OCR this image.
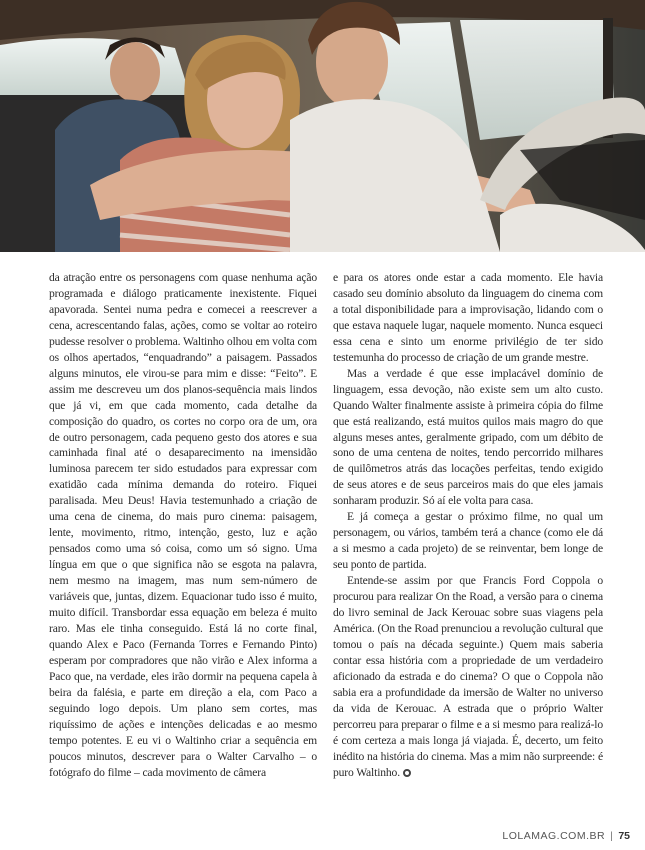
da atração entre os personagens com quase nenhuma ação programada e diálogo praticamente inexistente. Fiquei apavorada. Sentei numa pedra e comecei a reescrever a cena, acrescentando falas, ações, como se voltar ao roteiro pudesse resolver o problema. Waltinho olhou em volta com os olhos apertados, “enquadrando” a paisagem. Passados alguns minutos, ele virou-se para mim e disse: “Feito”. E assim me descreveu um dos planos-sequência mais lindos que já vi, em que cada momento, cada detalhe da composição do quadro, os cortes no corpo ora de um, ora de outro personagem, cada pequeno gesto dos atores e sua caminhada final até o desaparecimento na imensidão luminosa parecem ter sido estudados para expressar com exatidão cada mínima demanda do roteiro. Fiquei paralisada. Meu Deus! Havia testemunhado a criação de uma cena de cinema, do mais puro cinema: paisagem, lente, movimento, ritmo, intenção, gesto, luz e ação pensados como uma só coisa, como um só signo. Uma língua em que o que significa não se esgota na palavra, nem mesmo na imagem, mas num sem-número de variáveis que, juntas, dizem. Equacionar tudo isso é muito, muito difícil. Transbordar essa equação em beleza é muito raro. Mas ele tinha conseguido. Está lá no corte final, quando Alex e Paco (Fernanda Torres e Fernando Pinto) esperam por compradores que não virão e Alex informa a Paco que, na verdade, eles irão dormir na pequena capela à beira da falésia, e parte em direção a ela, com Paco a seguindo logo depois. Um plano sem cortes, mas riquíssimo de ações e intenções delicadas e ao mesmo tempo potentes. E eu vi o Waltinho criar a sequência em poucos minutos, descrever para o Walter Carvalho – o fotógrafo do filme – cada movimento de câmera

e para os atores onde estar a cada momento. Ele havia casado seu domínio absoluto da linguagem do cinema com a total disponibilidade para a improvisação, lidando com o que estava naquele lugar, naquele momento. Nunca esqueci essa cena e sinto um enorme privilégio de ter sido testemunha do processo de criação de um grande mestre.

Mas a verdade é que esse implacável domínio de linguagem, essa devoção, não existe sem um alto custo. Quando Walter finalmente assiste à primeira cópia do filme que está realizando, está muitos quilos mais magro do que alguns meses antes, geralmente gripado, com um débito de sono de uma centena de noites, tendo percorrido milhares de quilômetros atrás das locações perfeitas, tendo exigido de seus atores e de seus parceiros mais do que eles jamais sonharam produzir. Só aí ele volta para casa.

E já começa a gestar o próximo filme, no qual um personagem, ou vários, também terá a chance (como ele dá a si mesmo a cada projeto) de se reinventar, bem longe de seu ponto de partida.

Entende-se assim por que Francis Ford Coppola o procurou para realizar On the Road, a versão para o cinema do livro seminal de Jack Kerouac sobre suas viagens pela América. (On the Road prenunciou a revolução cultural que tomou o país na década seguinte.) Quem mais saberia contar essa história com a propriedade de um verdadeiro aficionado da estrada e do cinema? O que o Coppola não sabia era a profundidade da imersão de Walter no universo da vida de Kerouac. A estrada que o próprio Walter percorreu para preparar o filme e a si mesmo para realizá-lo é com certeza a mais longa já viajada. É, decerto, um feito inédito na história do cinema. Mas a mim não surpreende: é puro Waltinho.

LOLAMAG.COM.BR | 75
